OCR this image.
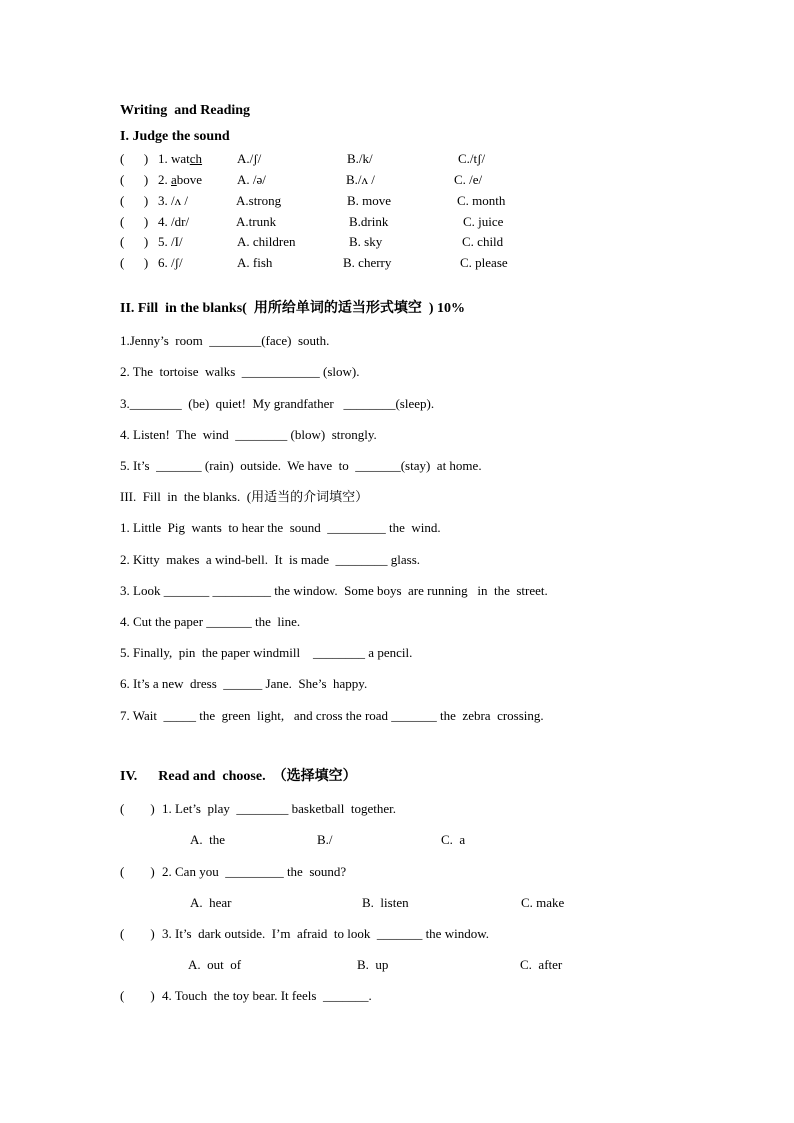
Writing  and Reading
I. Judge the sound
(      ) 1. watch	A./ʃ/	B./k/	C./tʃ/
(      ) 2. above	A. /ə/	B./ʌ /	C. /e/
(      ) 3. /ʌ /	A.strong	B. move	C. month
(      ) 4. /dr/	A.trunk	B.drink	C. juice
(      ) 5. /I/	A. children	B. sky	C. child
(      ) 6. /ʃ/	A. fish	B. cherry	C. please
II. Fill  in the blanks(  用所给单词的适当形式填空  ) 10%
1.Jenny’s  room  ________(face)  south.
2. The  tortoise  walks  ____________ (slow).
3.________  (be)  quiet!  My grandfather   ________(sleep).
4. Listen!  The  wind  ________ (blow)  strongly.
5. It’s  _______ (rain)  outside.  We have  to  _______(stay)  at home.
III.  Fill  in  the blanks.  (用适当的介词填空）
1. Little  Pig  wants  to hear the  sound  _________ the  wind.
2. Kitty  makes  a wind-bell.  It  is made  ________ glass.
3. Look _______ _________ the window.  Some boys  are running   in  the  street.
4. Cut the paper _______ the  line.
5. Finally,  pin  the paper windmill    ________ a pencil.
6. It’s a new  dress  ______ Jane.  She’s  happy.
7. Wait  _____ the  green  light,   and cross the road _______ the  zebra  crossing.
IV.      Read and  choose.  （选择填空）

(        )

1. Let’s  play  ________ basketball  together.

A.  the

	B./

	C.  a

(        )

2. Can you  _________ the  sound?

A.  hear

	B.  listen

	C. make

(        )

3. It’s  dark outside.  I’m  afraid  to look  _______ the window.

A.  out  of

	B.  up

	C.  after

(        )

4. Touch  the toy bear. It feels  _______.
